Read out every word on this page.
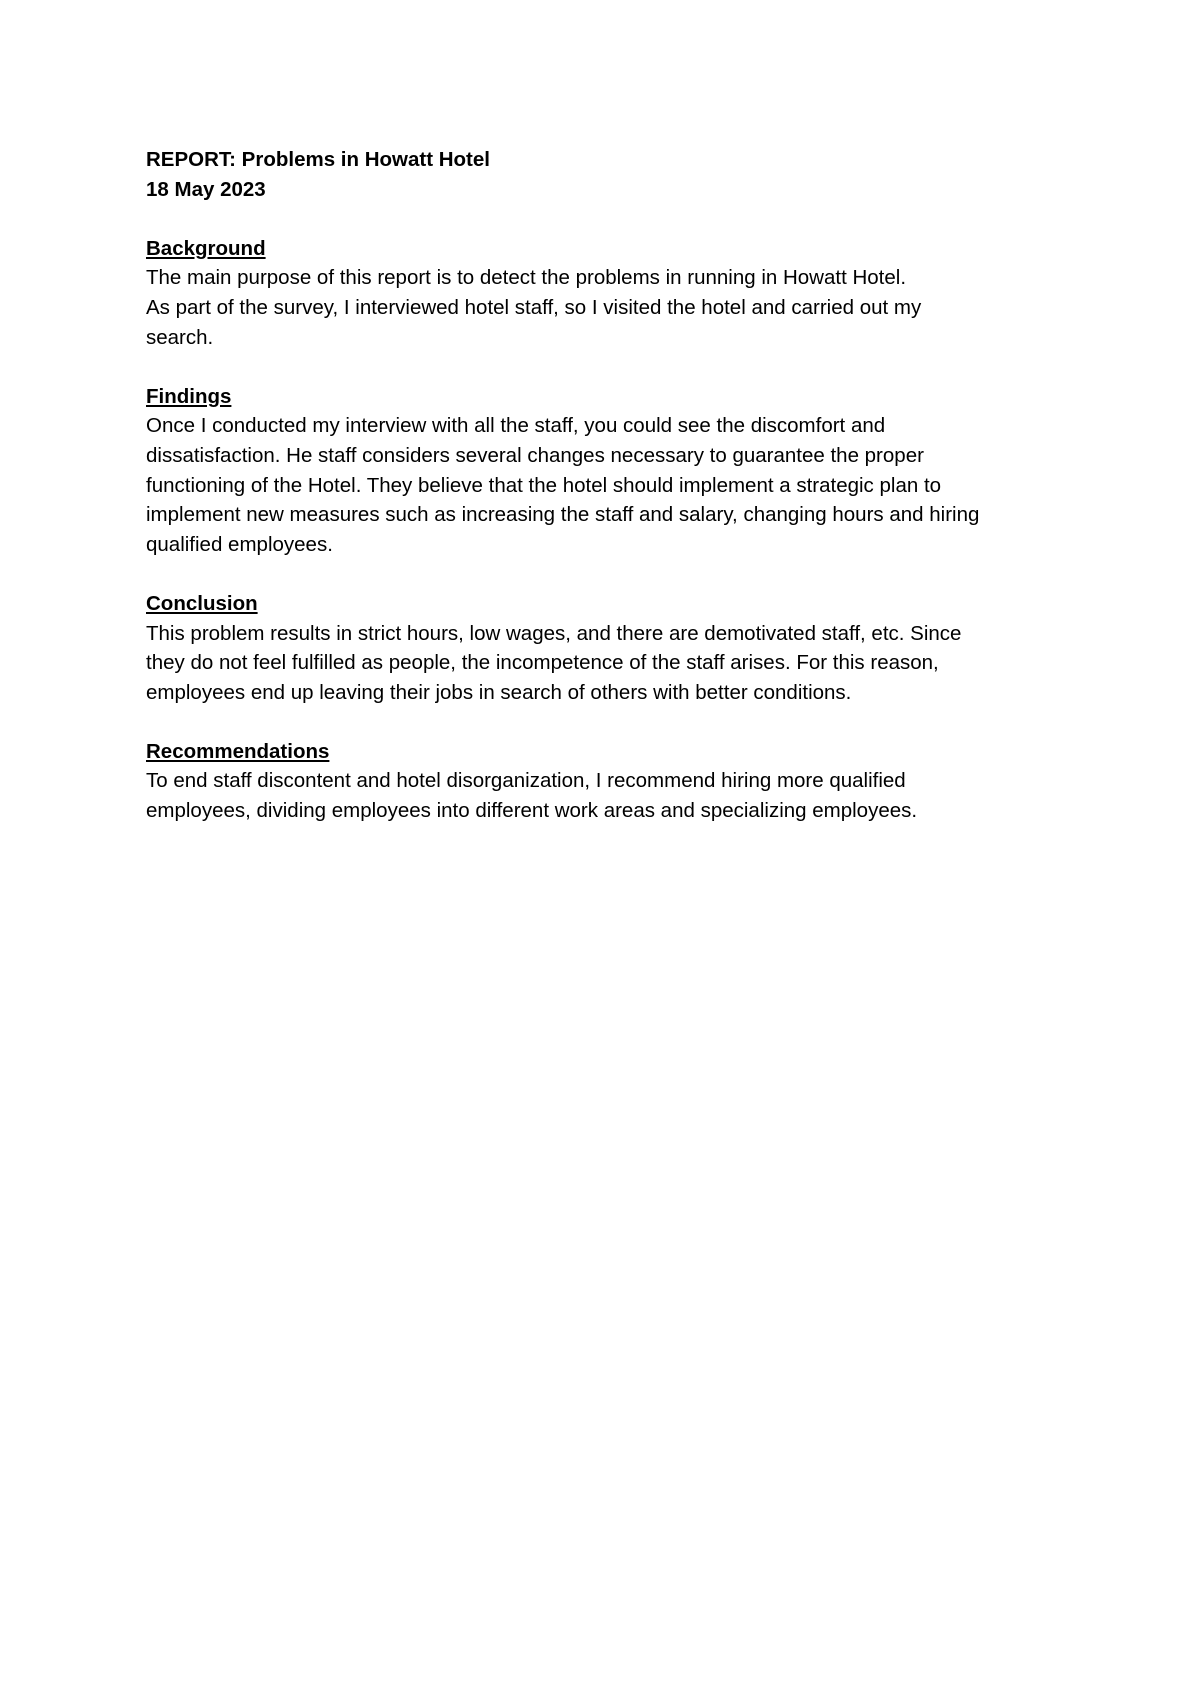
REPORT: Problems in Howatt Hotel
18 May 2023
Background
The main purpose of this report is to detect the problems in running in Howatt Hotel.
As part of the survey, I interviewed hotel staff, so I visited the hotel and carried out my
search.
Findings
Once I conducted my interview with all the staff, you could see the discomfort and
dissatisfaction. He staff considers several changes necessary to guarantee the proper
functioning of the Hotel. They believe that the hotel should implement a strategic plan to
implement new measures such as increasing the staff and salary, changing hours and hiring
qualified employees.
Conclusion
This problem results in strict hours, low wages, and there are demotivated staff, etc. Since
they do not feel fulfilled as people, the incompetence of the staff arises. For this reason,
employees end up leaving their jobs in search of others with better conditions.
Recommendations
To end staff discontent and hotel disorganization, I recommend hiring more qualified
employees, dividing employees into different work areas and specializing employees.
